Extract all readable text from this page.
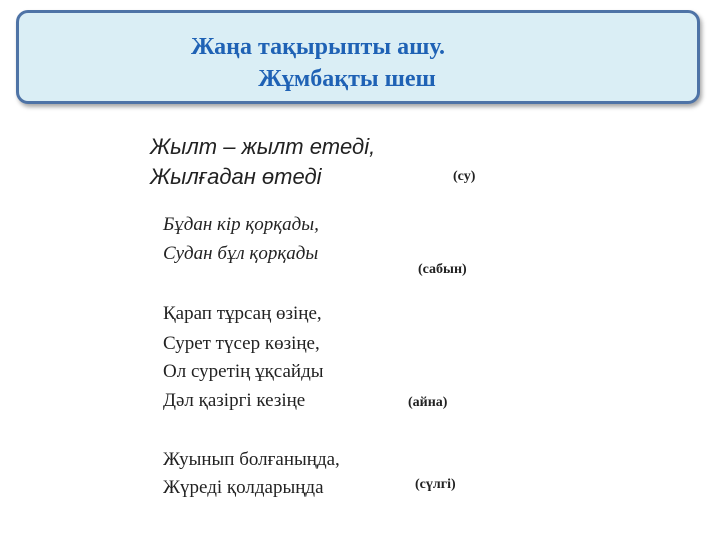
Жаңа тақырыпты ашу.
Жұмбақты шеш
Жылт – жылт етеді,
Жылғадан өтеді	(су)
Бұдан кір қорқады,
Судан бұл қорқады
(сабын)
Қарап тұрсаң өзіңе,
Сурет түсер көзіңе,
Ол суретің ұқсайды
Дәл қазіргі кезіңе	(айна)
Жуынып болғаныңда,
Жүреді қолдарыңда	(сүлгі)
